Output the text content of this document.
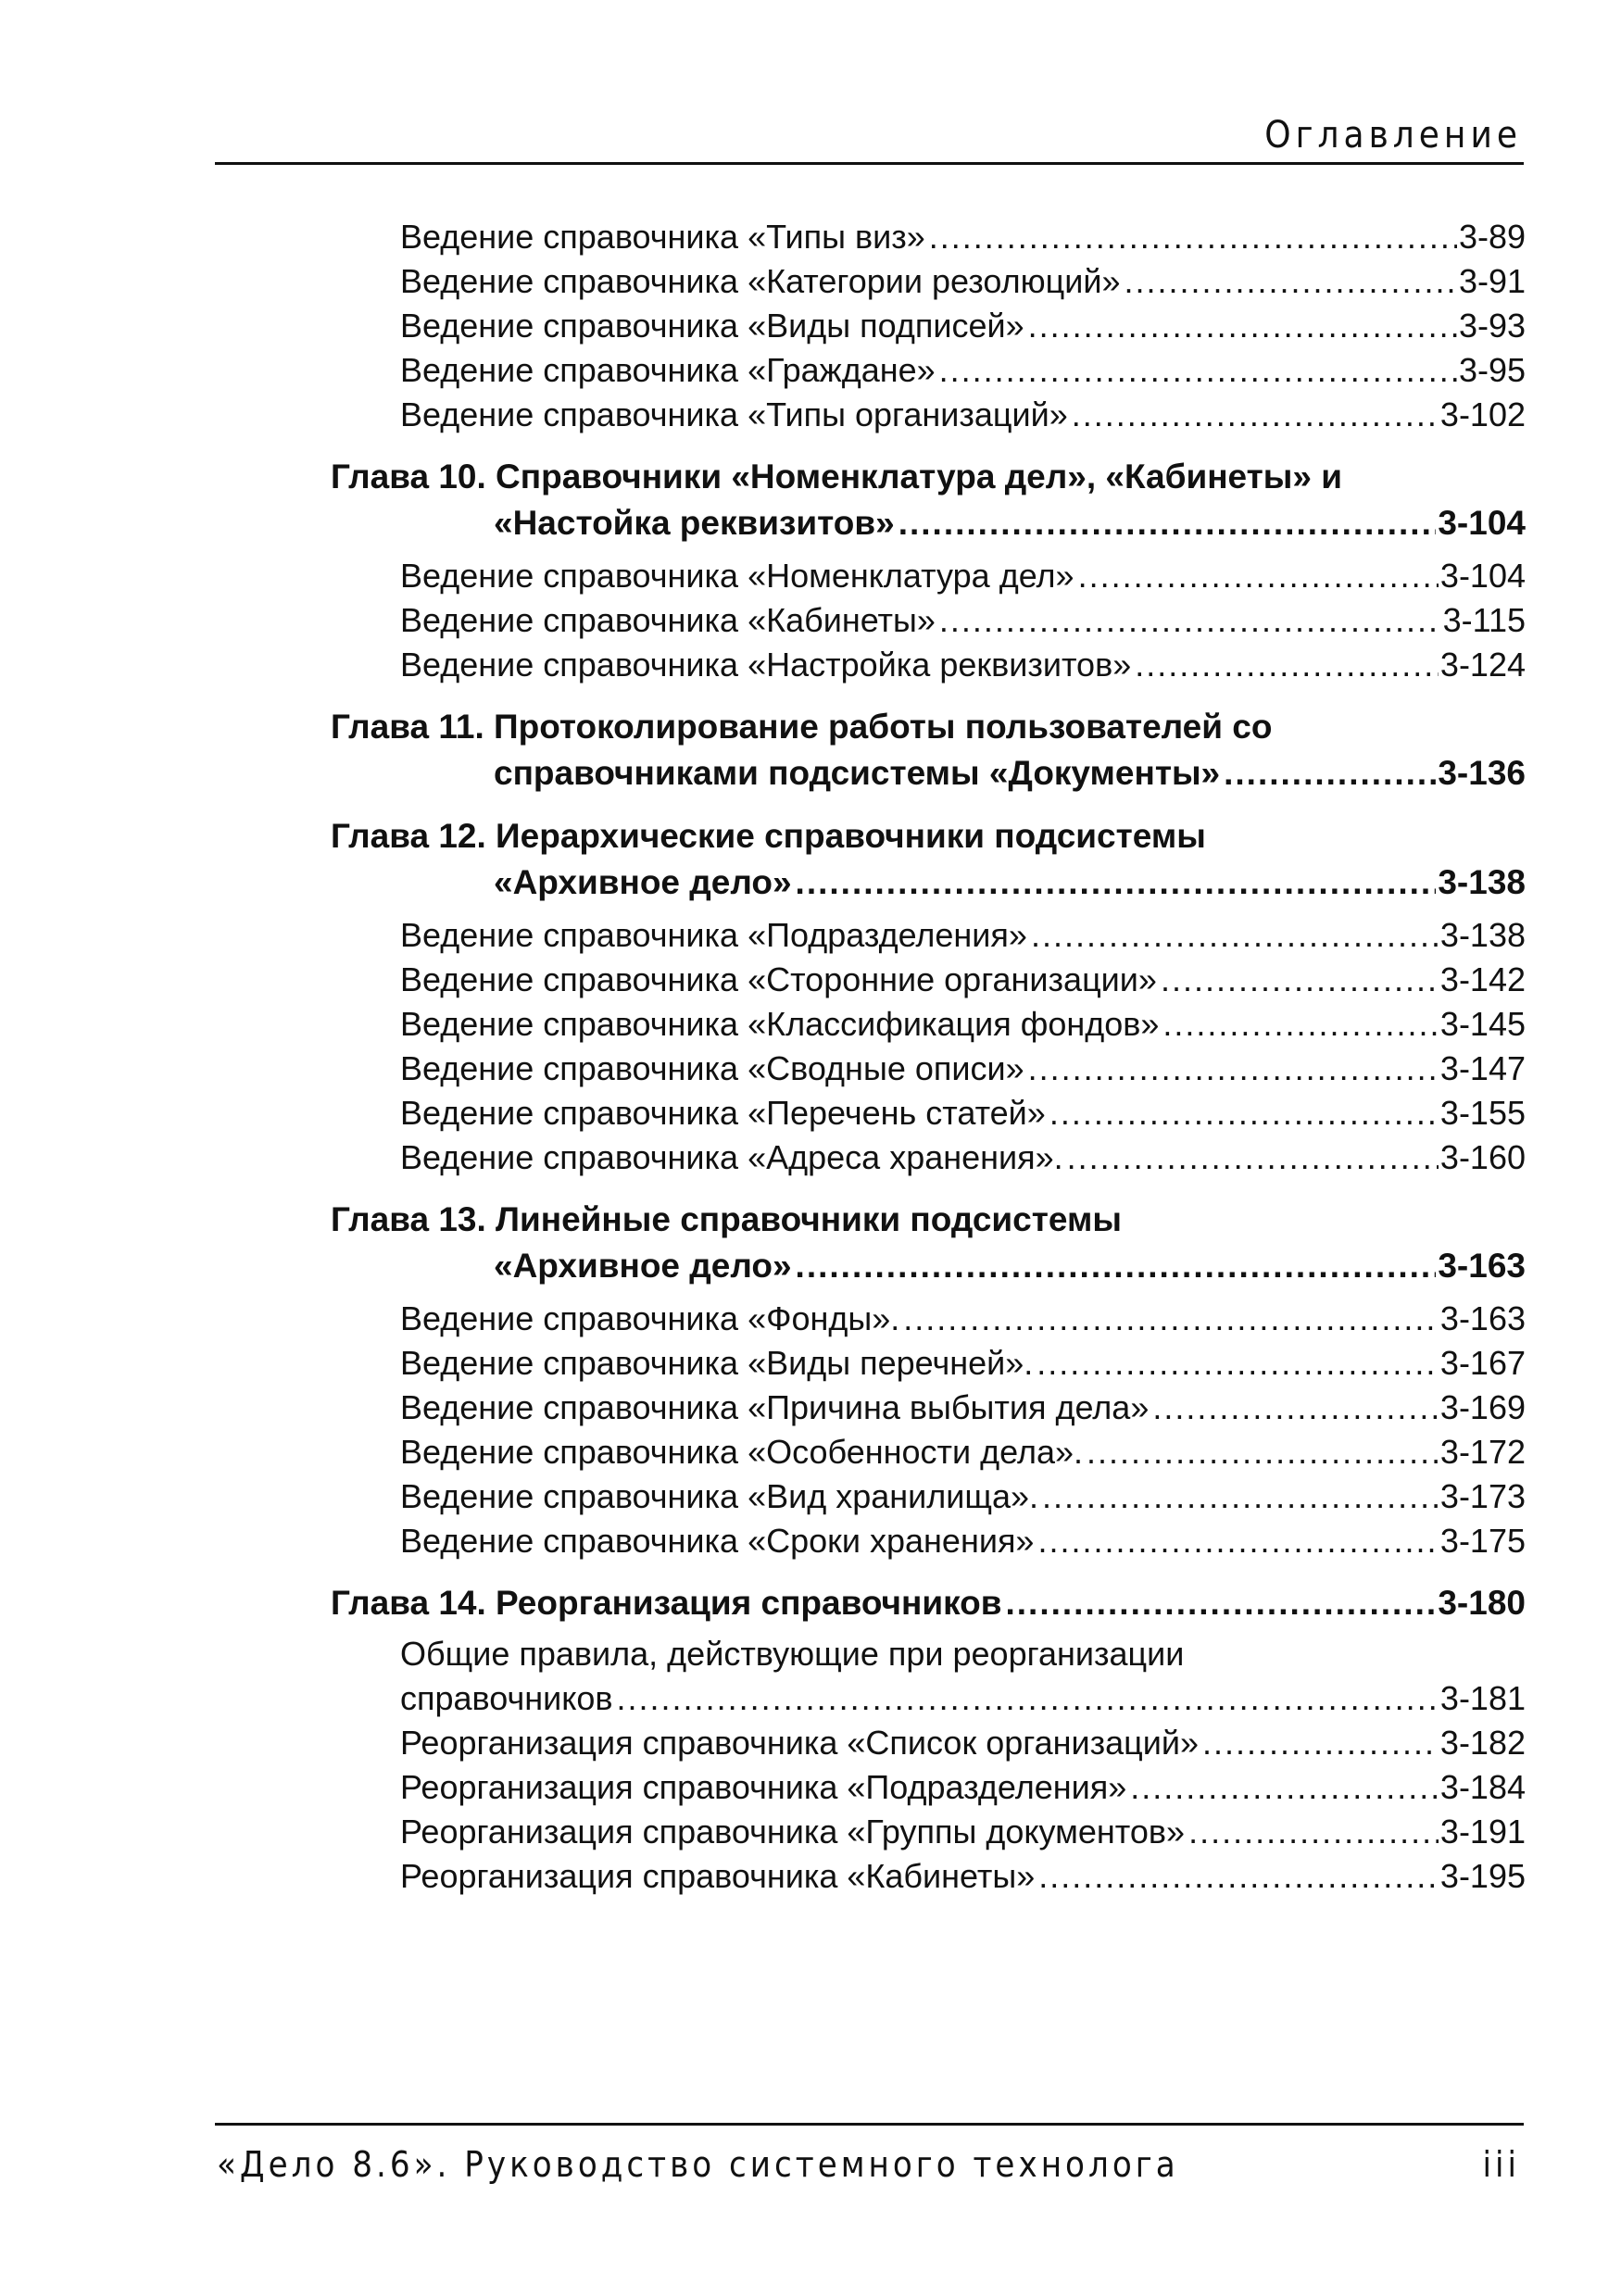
Оглавление
Ведение справочника «Типы виз» .....	3-89
Ведение справочника «Категории резолюций» .....	3-91
Ведение справочника «Виды подписей» .....	3-93
Ведение справочника «Граждане» .....	3-95
Ведение справочника «Типы организаций» .....	3-102
Глава 10. Справочники «Номенклатура дел», «Кабинеты» и
«Настойка реквизитов» .....	3-104
Ведение справочника «Номенклатура дел» .....	3-104
Ведение справочника «Кабинеты» .....	3-115
Ведение справочника «Настройка реквизитов» .....	3-124
Глава 11. Протоколирование работы пользователей со
справочниками подсистемы «Документы» .....	3-136
Глава 12. Иерархические справочники подсистемы
«Архивное дело» .....	3-138
Ведение справочника «Подразделения» .....	3-138
Ведение справочника «Сторонние организации» .....	3-142
Ведение справочника «Классификация фондов» .....	3-145
Ведение справочника «Сводные описи» .....	3-147
Ведение справочника «Перечень статей» .....	3-155
Ведение справочника «Адреса хранения». .....	3-160
Глава 13. Линейные справочники подсистемы
«Архивное дело» .....	3-163
Ведение справочника «Фонды». .....	3-163
Ведение справочника «Виды перечней». .....	3-167
Ведение справочника «Причина выбытия дела» .....	3-169
Ведение справочника «Особенности дела». .....	3-172
Ведение справочника «Вид хранилища». .....	3-173
Ведение справочника «Сроки хранения» .....	3-175
Глава 14. Реорганизация справочников .....	3-180
Общие правила, действующие при реорганизации
справочников .....	3-181
Реорганизация справочника «Список организаций» .....	3-182
Реорганизация справочника «Подразделения» .....	3-184
Реорганизация справочника «Группы документов» .....	3-191
Реорганизация справочника «Кабинеты» .....	3-195
«Дело 8.6». Руководство системного технолога	iii
